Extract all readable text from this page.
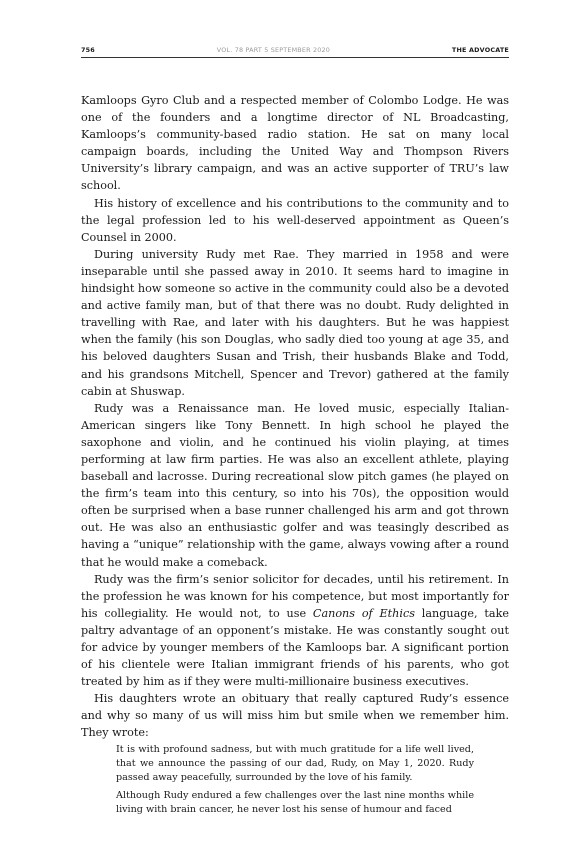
756	VOL. 78 PART 5 SEPTEMBER 2020	THE ADVOCATE

Kamloops Gyro Club and a respected member of Colombo Lodge. He was one of the founders and a longtime director of NL Broadcasting, Kamloops’s community-based radio station. He sat on many local campaign boards, including the United Way and Thompson Rivers University’s library campaign, and was an active supporter of TRU’s law school.

His history of excellence and his contributions to the community and to the legal profession led to his well-deserved appointment as Queen’s Counsel in 2000.

During university Rudy met Rae. They married in 1958 and were inseparable until she passed away in 2010. It seems hard to imagine in hindsight how someone so active in the community could also be a devoted and active family man, but of that there was no doubt. Rudy delighted in travelling with Rae, and later with his daughters. But he was happiest when the family (his son Douglas, who sadly died too young at age 35, and his beloved daughters Susan and Trish, their husbands Blake and Todd, and his grandsons Mitchell, Spencer and Trevor) gathered at the family cabin at Shuswap.

Rudy was a Renaissance man. He loved music, especially Italian-American singers like Tony Bennett. In high school he played the saxophone and violin, and he continued his violin playing, at times performing at law firm parties. He was also an excellent athlete, playing baseball and lacrosse. During recreational slow pitch games (he played on the firm’s team into this century, so into his 70s), the opposition would often be surprised when a base runner challenged his arm and got thrown out. He was also an enthusiastic golfer and was teasingly described as having a “unique” relationship with the game, always vowing after a round that he would make a comeback.

Rudy was the firm’s senior solicitor for decades, until his retirement. In the profession he was known for his competence, but most importantly for his collegiality. He would not, to use Canons of Ethics language, take paltry advantage of an opponent’s mistake. He was constantly sought out for advice by younger members of the Kamloops bar. A significant portion of his clientele were Italian immigrant friends of his parents, who got treated by him as if they were multi-millionaire business executives.

His daughters wrote an obituary that really captured Rudy’s essence and why so many of us will miss him but smile when we remember him. They wrote:

It is with profound sadness, but with much gratitude for a life well lived, that we announce the passing of our dad, Rudy, on May 1, 2020. Rudy passed away peacefully, surrounded by the love of his family.

Although Rudy endured a few challenges over the last nine months while living with brain cancer, he never lost his sense of humour and faced
